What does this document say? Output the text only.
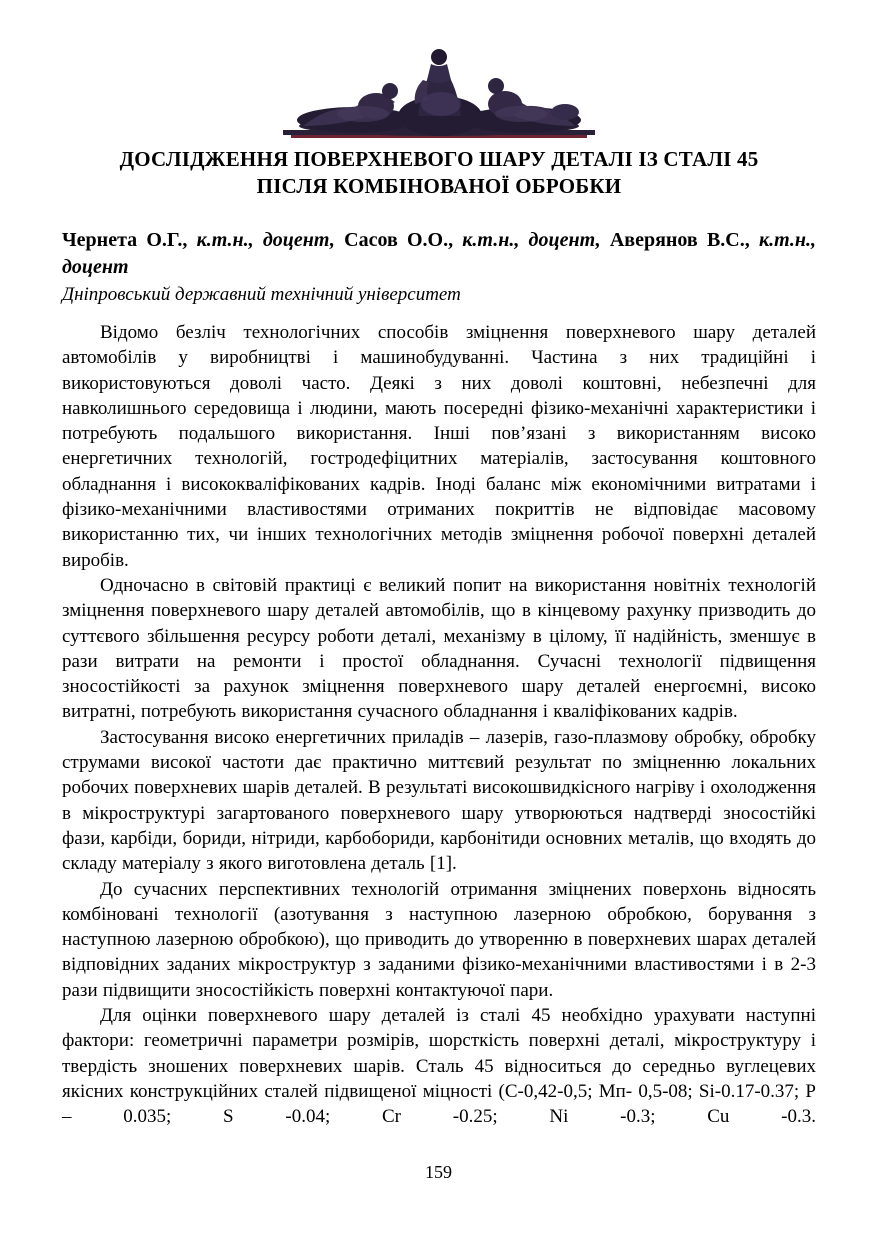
ДОСЛІДЖЕННЯ ПОВЕРХНЕВОГО ШАРУ ДЕТАЛІ ІЗ СТАЛІ 45
ПІСЛЯ КОМБІНОВАНОЇ ОБРОБКИ
Чернета О.Г., к.т.н., доцент, Сасов О.О., к.т.н., доцент, Аверянов В.С., к.т.н., доцент
Дніпровський державний технічний університет

Відомо безліч технологічних способів зміцнення поверхневого шару деталей автомобілів у виробництві і машинобудуванні. Частина з них традиційні і використовуються доволі часто. Деякі з них доволі коштовні, небезпечні для навколишнього середовища і людини, мають посередні фізико-механічні характеристики і потребують подальшого використання. Інші пов’язані з використанням високо енергетичних технологій, гостродефіцитних матеріалів, застосування коштовного обладнання і висококваліфікованих кадрів. Іноді баланс між економічними витратами і фізико-механічними властивостями отриманих покриттів не відповідає масовому використанню тих, чи інших технологічних методів зміцнення робочої поверхні деталей виробів.

Одночасно в світовій практиці є великий попит на використання новітніх технологій зміцнення поверхневого шару деталей автомобілів, що в кінцевому рахунку призводить до суттєвого збільшення ресурсу роботи деталі, механізму в цілому, її надійність, зменшує в рази витрати на ремонти і простої обладнання. Сучасні технології підвищення зносостійкості за рахунок зміцнення поверхневого шару деталей енергоємні, високо витратні, потребують використання сучасного обладнання і кваліфікованих кадрів.

Застосування високо енергетичних приладів – лазерів, газо-плазмову обробку, обробку струмами високої частоти дає практично миттєвий результат по зміцненню локальних робочих поверхневих шарів деталей. В результаті високошвидкісного нагріву і охолодження в мікроструктурі загартованого поверхневого шару утворюються надтверді зносостійкі фази, карбіди, бориди, нітриди, карбобориди, карбонітиди основних металів, що входять до складу матеріалу з якого виготовлена деталь [1].

До сучасних перспективних технологій отримання зміцнених поверхонь відносять комбіновані технології (азотування з наступною лазерною обробкою, борування з наступною лазерною обробкою), що приводить до утворенню в поверхневих шарах деталей відповідних заданих мікроструктур з заданими фізико-механічними властивостями і в 2-3 рази підвищити зносостійкість поверхні контактуючої пари.

Для оцінки поверхневого шару деталей із сталі 45 необхідно урахувати наступні фактори: геометричні параметри розмірів, шорсткість поверхні деталі, мікроструктуру і твердість зношених поверхневих шарів. Сталь 45 відноситься до середньо вуглецевих якісних конструкційних сталей підвищеної міцності (С-0,42-0,5; Мп- 0,5-08; Si-0.17-0.37; Р – 0.035; S -0.04; Cr -0.25; Ni -0.3; Cu -0.3.

159
